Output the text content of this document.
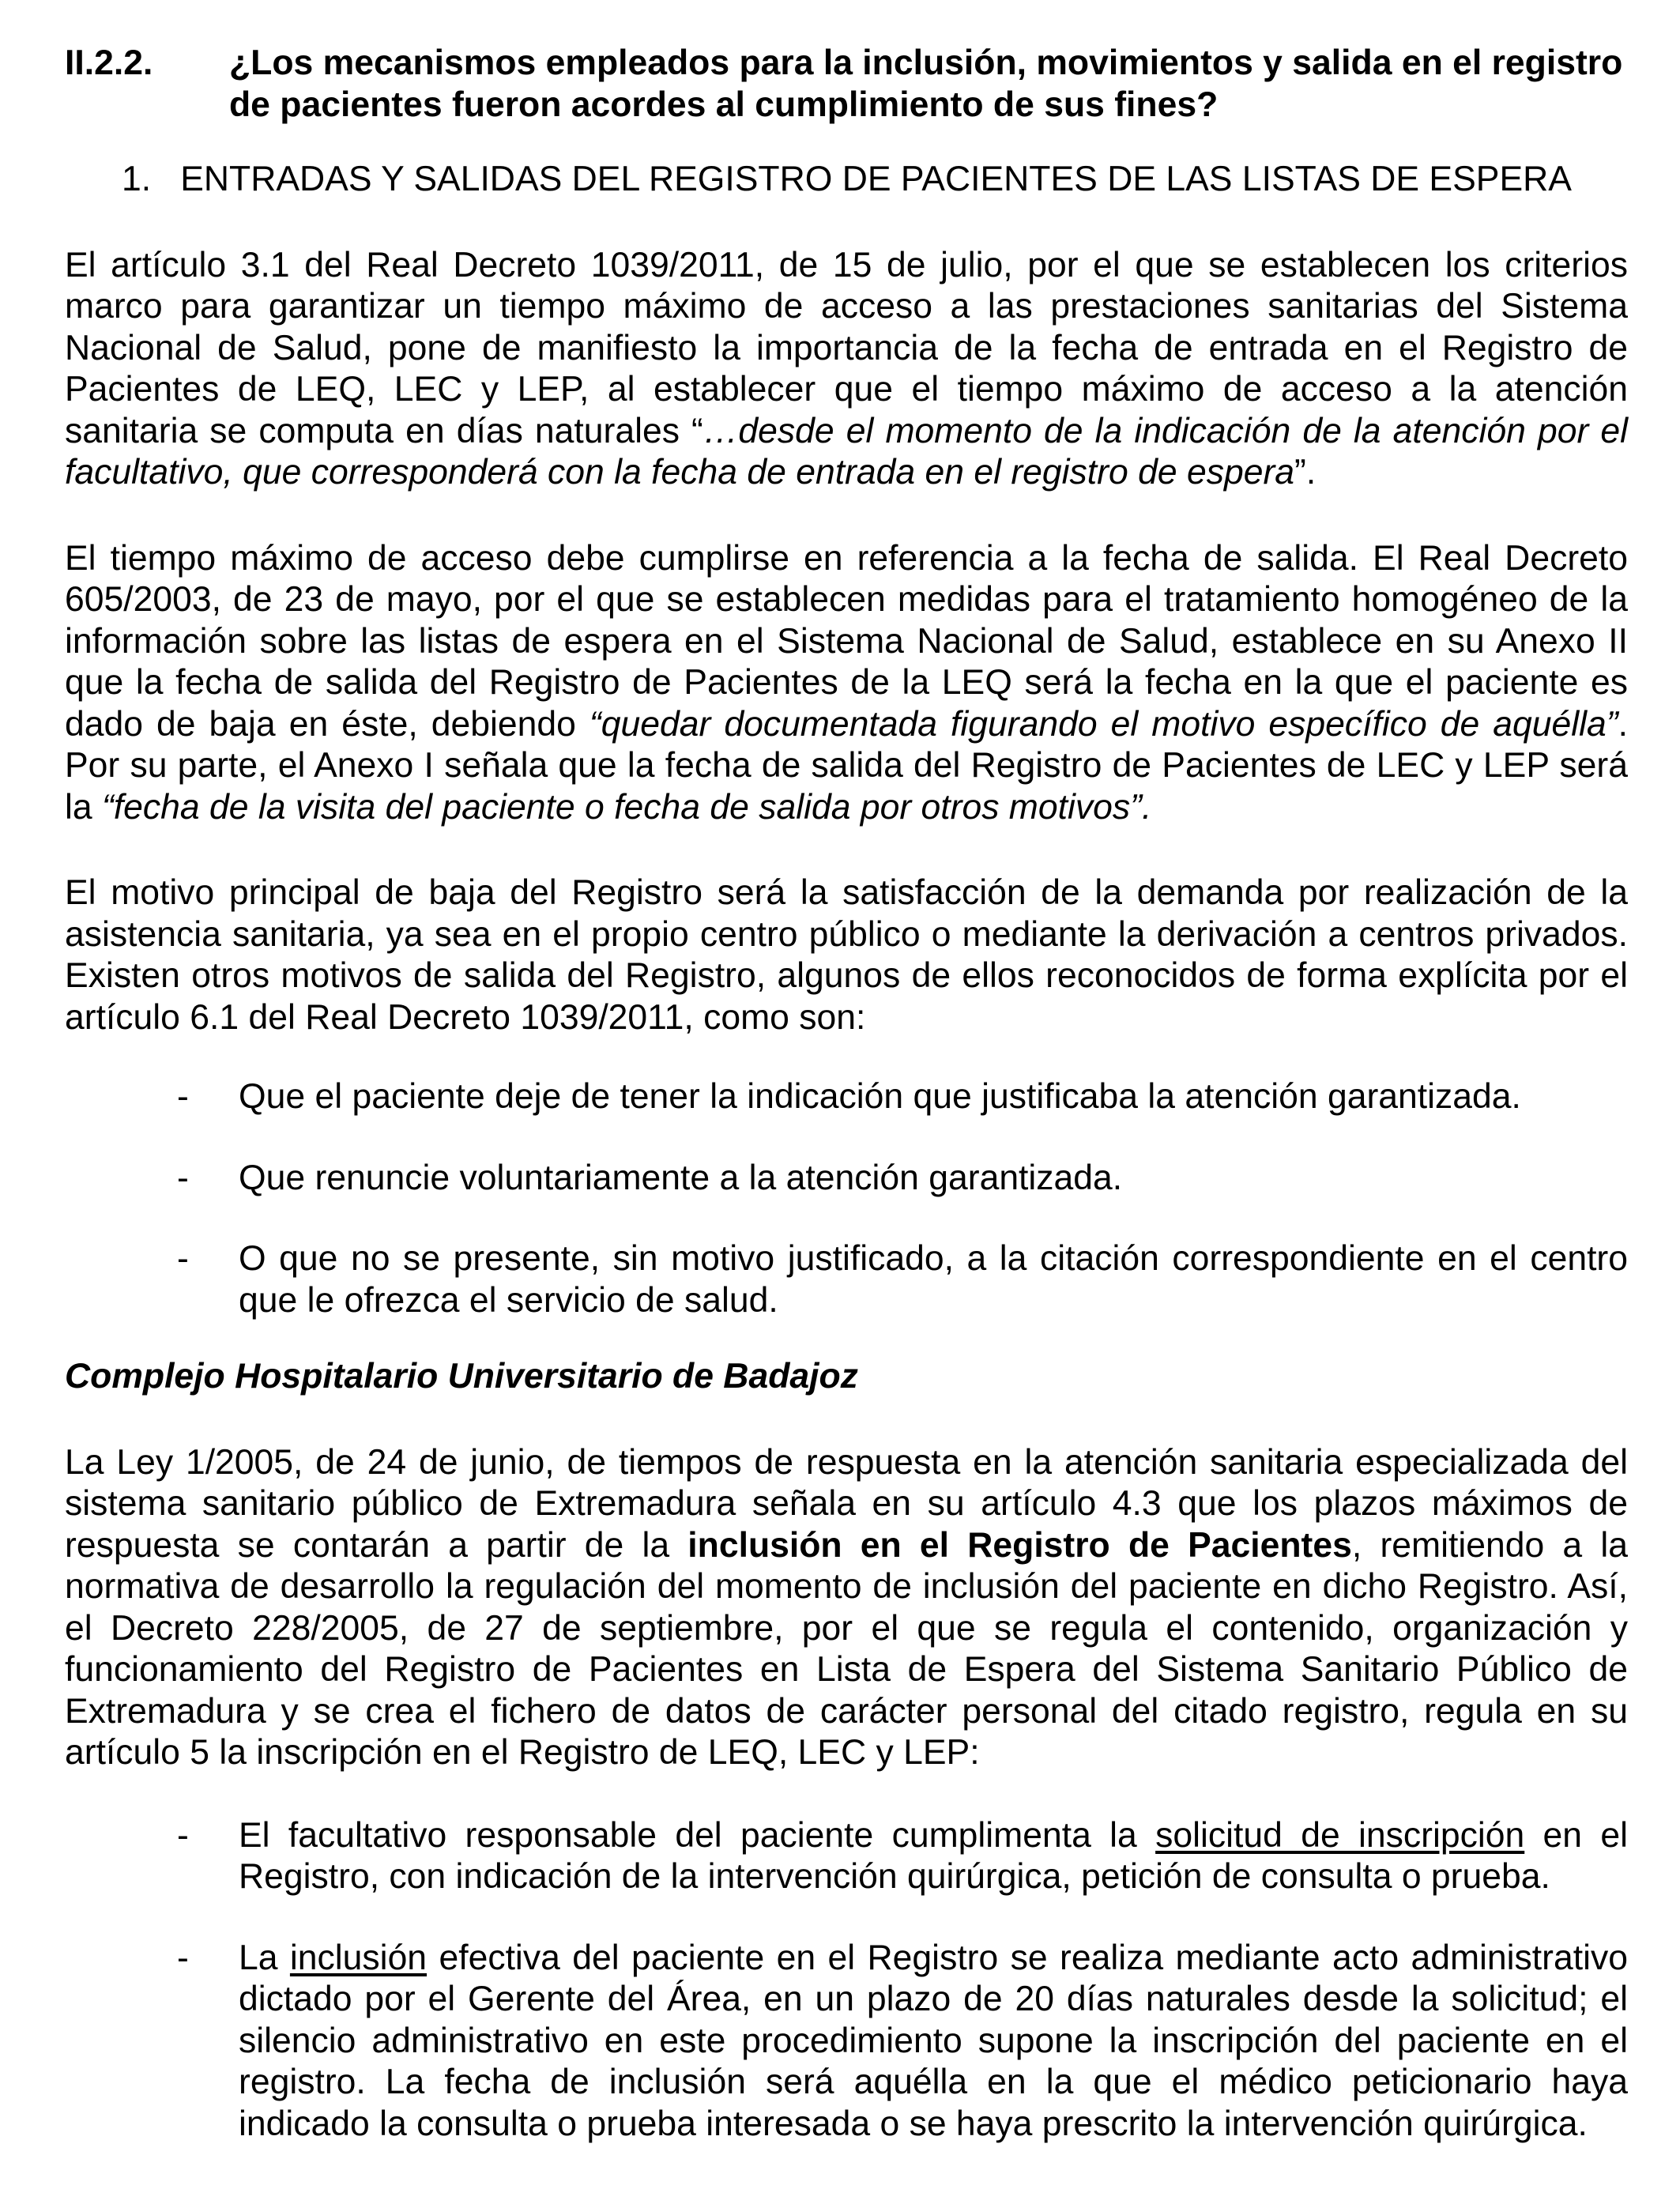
II.2.2.	¿Los mecanismos empleados para la inclusión, movimientos y salida en el registro de pacientes fueron acordes al cumplimiento de sus fines?
1. ENTRADAS Y SALIDAS DEL REGISTRO DE PACIENTES DE LAS LISTAS DE ESPERA

El artículo 3.1 del Real Decreto 1039/2011, de 15 de julio, por el que se establecen los criterios marco para garantizar un tiempo máximo de acceso a las prestaciones sanitarias del Sistema Nacional de Salud, pone de manifiesto la importancia de la fecha de entrada en el Registro de Pacientes de LEQ, LEC y LEP, al establecer que el tiempo máximo de acceso a la atención sanitaria se computa en días naturales “…desde el momento de la indicación de la atención por el facultativo, que corresponderá con la fecha de entrada en el registro de espera”.

El tiempo máximo de acceso debe cumplirse en referencia a la fecha de salida. El Real Decreto 605/2003, de 23 de mayo, por el que se establecen medidas para el tratamiento homogéneo de la información sobre las listas de espera en el Sistema Nacional de Salud, establece en su Anexo II que la fecha de salida del Registro de Pacientes de la LEQ será la fecha en la que el paciente es dado de baja en éste, debiendo “quedar documentada figurando el motivo específico de aquélla”. Por su parte, el Anexo I señala que la fecha de salida del Registro de Pacientes de LEC y LEP será la “fecha de la visita del paciente o fecha de salida por otros motivos”.

El motivo principal de baja del Registro será la satisfacción de la demanda por realización de la asistencia sanitaria, ya sea en el propio centro público o mediante la derivación a centros privados. Existen otros motivos de salida del Registro, algunos de ellos reconocidos de forma explícita por el artículo 6.1 del Real Decreto 1039/2011, como son:

-	Que el paciente deje de tener la indicación que justificaba la atención garantizada.
-	Que renuncie voluntariamente a la atención garantizada.
-	O que no se presente, sin motivo justificado, a la citación correspondiente en el centro que le ofrezca el servicio de salud.
Complejo Hospitalario Universitario de Badajoz

La Ley 1/2005, de 24 de junio, de tiempos de respuesta en la atención sanitaria especializada del sistema sanitario público de Extremadura señala en su artículo 4.3 que los plazos máximos de respuesta se contarán a partir de la inclusión en el Registro de Pacientes, remitiendo a la normativa de desarrollo la regulación del momento de inclusión del paciente en dicho Registro. Así, el Decreto 228/2005, de 27 de septiembre, por el que se regula el contenido, organización y funcionamiento del Registro de Pacientes en Lista de Espera del Sistema Sanitario Público de Extremadura y se crea el fichero de datos de carácter personal del citado registro, regula en su artículo 5 la inscripción en el Registro de LEQ, LEC y LEP:

-	El facultativo responsable del paciente cumplimenta la solicitud de inscripción en el Registro, con indicación de la intervención quirúrgica, petición de consulta o prueba.
-	La inclusión efectiva del paciente en el Registro se realiza mediante acto administrativo dictado por el Gerente del Área, en un plazo de 20 días naturales desde la solicitud; el silencio administrativo en este procedimiento supone la inscripción del paciente en el registro. La fecha de inclusión será aquélla en la que el médico peticionario haya indicado la consulta o prueba interesada o se haya prescrito la intervención quirúrgica.
